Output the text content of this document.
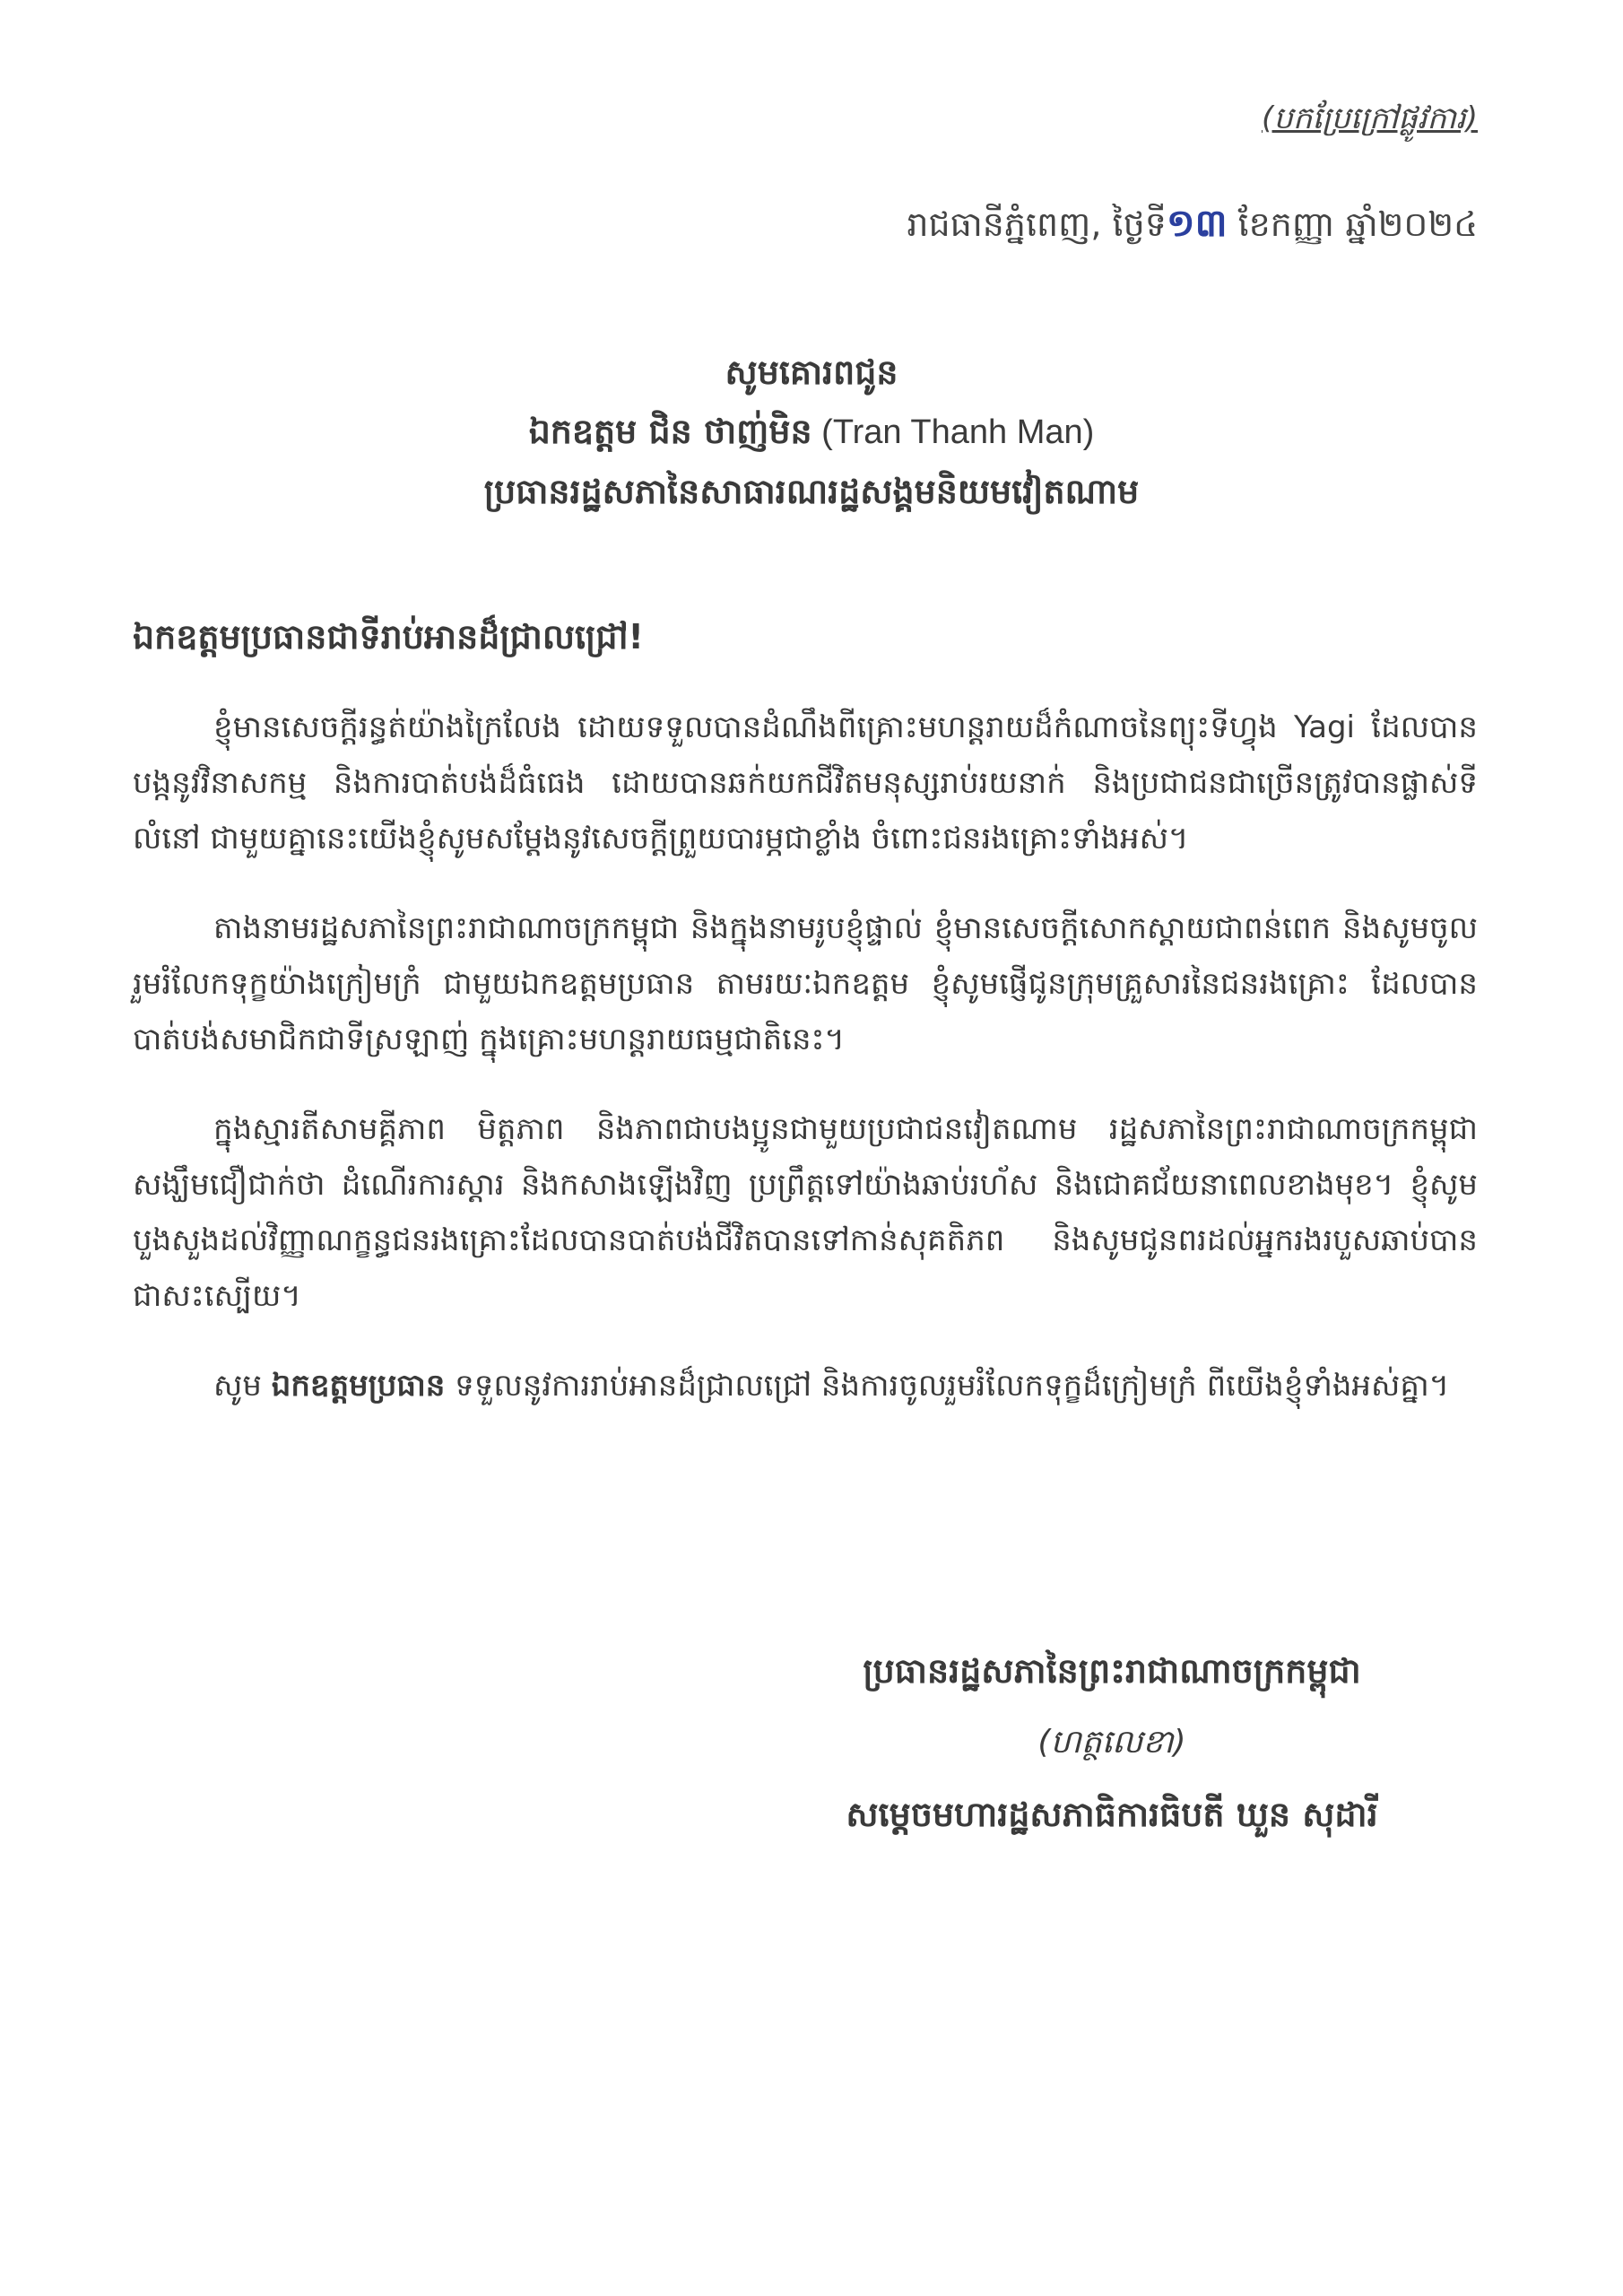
(បកប្រែក្រៅផ្លូវការ)
រាជធានីភ្នំពេញ, ថ្ងៃទី១៣ ខែកញ្ញា ឆ្នាំ២០២៤
សូមគោរពជូន
ឯកឧត្តម ជិន ថាញ់មិន (Tran Thanh Man)
ប្រធានរដ្ឋសភានៃសាធារណរដ្ឋសង្គមនិយមវៀតណាម
ឯកឧត្តមប្រធានជាទីរាប់អានដ៏ជ្រាលជ្រៅ!

ខ្ញុំមានសេចក្តីរន្ធត់យ៉ាងក្រៃលែង ដោយទទួលបានដំណឹងពីគ្រោះមហន្តរាយដ៏កំណាចនៃព្យុះទីហ្វុង Yagi ដែលបានបង្កនូវវិនាសកម្ម និងការបាត់បង់ដ៏ធំធេង ដោយបានឆក់យកជីវិតមនុស្សរាប់រយនាក់ និងប្រជាជនជាច្រើនត្រូវបានផ្លាស់ទីលំនៅ ជាមួយគ្នានេះយើងខ្ញុំសូមសម្តែងនូវសេចក្តីព្រួយបារម្ភជាខ្លាំង ចំពោះជនរងគ្រោះទាំងអស់។

តាងនាមរដ្ឋសភានៃព្រះរាជាណាចក្រកម្ពុជា និងក្នុងនាមរូបខ្ញុំផ្ទាល់ ខ្ញុំមានសេចក្តីសោកស្តាយជាពន់ពេក និងសូមចូលរួមរំលែកទុក្ខយ៉ាងក្រៀមក្រំ ជាមួយឯកឧត្តមប្រធាន តាមរយៈឯកឧត្តម ខ្ញុំសូមផ្ញើជូនក្រុមគ្រួសារនៃជនរងគ្រោះ ដែលបានបាត់បង់សមាជិកជាទីស្រឡាញ់ ក្នុងគ្រោះមហន្តរាយធម្មជាតិនេះ។

ក្នុងស្មារតីសាមគ្គីភាព មិត្តភាព និងភាពជាបងប្អូនជាមួយប្រជាជនវៀតណាម រដ្ឋសភានៃព្រះរាជាណាចក្រកម្ពុជាសង្ឃឹមជឿជាក់ថា ដំណើរការស្តារ និងកសាងឡើងវិញ ប្រព្រឹត្តទៅយ៉ាងឆាប់រហ័ស និងជោគជ័យនាពេលខាងមុខ។ ខ្ញុំសូមបួងសួងដល់វិញ្ញាណក្ខន្ធជនរងគ្រោះដែលបានបាត់បង់ជីវិតបានទៅកាន់សុគតិភព និងសូមជូនពរដល់អ្នករងរបួសឆាប់បានជាសះស្បើយ។

សូម ឯកឧត្តមប្រធាន ទទួលនូវការរាប់អានដ៏ជ្រាលជ្រៅ និងការចូលរួមរំលែកទុក្ខដ៏ក្រៀមក្រំ ពីយើងខ្ញុំទាំងអស់គ្នា។

ប្រធានរដ្ឋសភានៃព្រះរាជាណាចក្រកម្ពុជា
(ហត្ថលេខា)
សម្តេចមហារដ្ឋសភាធិការធិបតី ឃួន សុដារី
